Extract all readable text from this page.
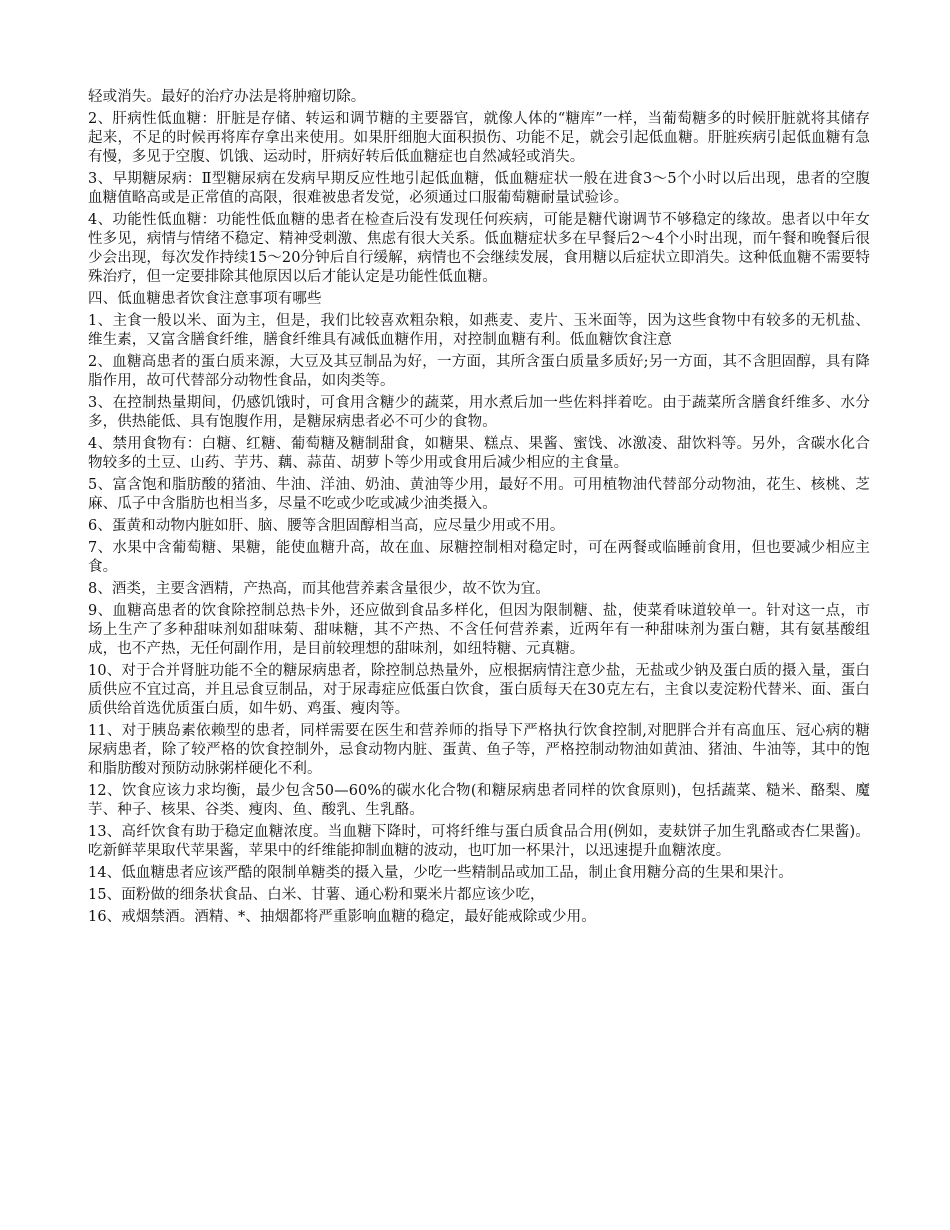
轻或消失。最好的治疗办法是将肿瘤切除。

2、肝病性低血糖：肝脏是存储、转运和调节糖的主要器官，就像人体的“糖库”一样，当葡萄糖多的时候肝脏就将其储存起来，不足的时候再将库存拿出来使用。如果肝细胞大面积损伤、功能不足，就会引起低血糖。肝脏疾病引起低血糖有急有慢，多见于空腹、饥饿、运动时，肝病好转后低血糖症也自然减轻或消失。

3、早期糖尿病：Ⅱ型糖尿病在发病早期反应性地引起低血糖，低血糖症状一般在进食3～5个小时以后出现，患者的空腹血糖值略高或是正常值的高限，很难被患者发觉，必须通过口服葡萄糖耐量试验诊。

4、功能性低血糖：功能性低血糖的患者在检查后没有发现任何疾病，可能是糖代谢调节不够稳定的缘故。患者以中年女性多见，病情与情绪不稳定、精神受刺激、焦虑有很大关系。低血糖症状多在早餐后2～4个小时出现，而午餐和晚餐后很少会出现，每次发作持续15～20分钟后自行缓解，病情也不会继续发展，食用糖以后症状立即消失。这种低血糖不需要特殊治疗，但一定要排除其他原因以后才能认定是功能性低血糖。

四、低血糖患者饮食注意事项有哪些

1、主食一般以米、面为主，但是，我们比较喜欢粗杂粮，如燕麦、麦片、玉米面等，因为这些食物中有较多的无机盐、维生素，又富含膳食纤维，膳食纤维具有减低血糖作用，对控制血糖有利。低血糖饮食注意

2、血糖高患者的蛋白质来源，大豆及其豆制品为好，一方面，其所含蛋白质量多质好;另一方面，其不含胆固醇，具有降脂作用，故可代替部分动物性食品，如肉类等。

3、在控制热量期间，仍感饥饿时，可食用含糖少的蔬菜，用水煮后加一些佐料拌着吃。由于蔬菜所含膳食纤维多、水分多，供热能低、具有饱腹作用，是糖尿病患者必不可少的食物。

4、禁用食物有：白糖、红糖、葡萄糖及糖制甜食，如糖果、糕点、果酱、蜜饯、冰激凌、甜饮料等。另外，含碳水化合物较多的土豆、山药、芋艿、藕、蒜苗、胡萝卜等少用或食用后减少相应的主食量。

5、富含饱和脂肪酸的猪油、牛油、洋油、奶油、黄油等少用，最好不用。可用植物油代替部分动物油，花生、核桃、芝麻、瓜子中含脂肪也相当多，尽量不吃或少吃或减少油类摄入。

6、蛋黄和动物内脏如肝、脑、腰等含胆固醇相当高，应尽量少用或不用。

7、水果中含葡萄糖、果糖，能使血糖升高，故在血、尿糖控制相对稳定时，可在两餐或临睡前食用，但也要减少相应主食。

8、酒类，主要含酒精，产热高，而其他营养素含量很少，故不饮为宜。

9、血糖高患者的饮食除控制总热卡外，还应做到食品多样化，但因为限制糖、盐，使菜肴味道较单一。针对这一点，市场上生产了多种甜味剂如甜味菊、甜味糖，其不产热、不含任何营养素，近两年有一种甜味剂为蛋白糖，其有氨基酸组成，也不产热，无任何副作用，是目前较理想的甜味剂，如纽特糖、元真糖。

10、对于合并肾脏功能不全的糖尿病患者，除控制总热量外，应根据病情注意少盐，无盐或少钠及蛋白质的摄入量，蛋白质供应不宜过高，并且忌食豆制品，对于尿毒症应低蛋白饮食，蛋白质每天在30克左右，主食以麦淀粉代替米、面、蛋白质供给首选优质蛋白质，如牛奶、鸡蛋、瘦肉等。

11、对于胰岛素依赖型的患者，同样需要在医生和营养师的指导下严格执行饮食控制,对肥胖合并有高血压、冠心病的糖尿病患者，除了较严格的饮食控制外，忌食动物内脏、蛋黄、鱼子等，严格控制动物油如黄油、猪油、牛油等，其中的饱和脂肪酸对预防动脉粥样硬化不利。

12、饮食应该力求均衡，最少包含50—60%的碳水化合物(和糖尿病患者同样的饮食原则)，包括蔬菜、糙米、酪梨、魔芋、种子、核果、谷类、瘦肉、鱼、酸乳、生乳酪。

13、高纤饮食有助于稳定血糖浓度。当血糖下降时，可将纤维与蛋白质食品合用(例如，麦麸饼子加生乳酪或杏仁果酱)。吃新鲜苹果取代苹果酱，苹果中的纤维能抑制血糖的波动，也叮加一杯果汁，以迅速提升血糖浓度。

14、低血糖患者应该严酷的限制单糖类的摄入量，少吃一些精制品或加工品，制止食用糖分高的生果和果汁。

15、面粉做的细条状食品、白米、甘薯、通心粉和粟米片都应该少吃，

16、戒烟禁酒。酒精、*、抽烟都将严重影响血糖的稳定，最好能戒除或少用。
